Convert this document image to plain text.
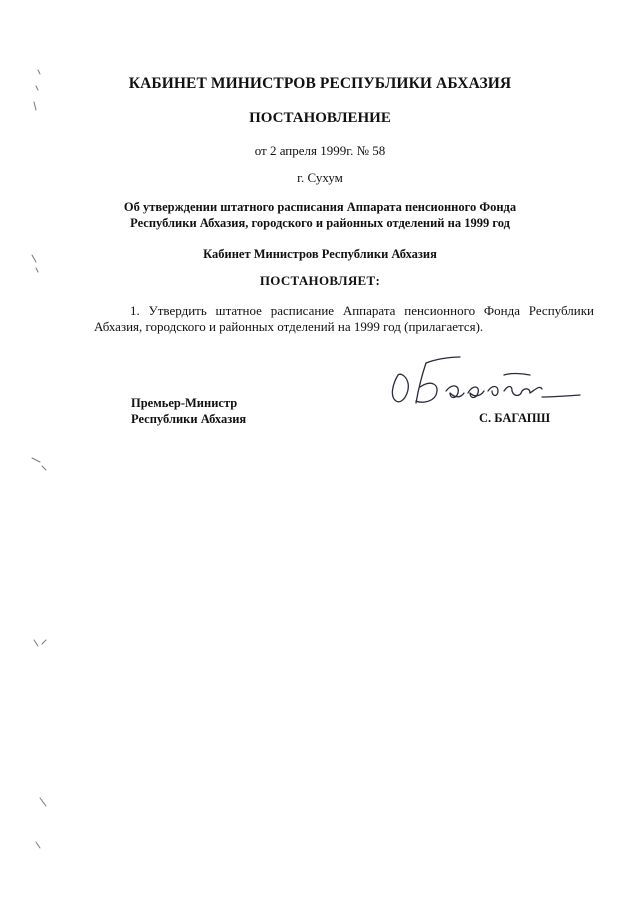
КАБИНЕТ МИНИСТРОВ РЕСПУБЛИКИ АБХАЗИЯ
ПОСТАНОВЛЕНИЕ
от 2 апреля 1999г. № 58
г. Сухум
Об утверждении штатного расписания Аппарата пенсионного Фонда
Республики Абхазия, городского и районных отделений на 1999 год
Кабинет Министров Республики Абхазия
ПОСТАНОВЛЯЕТ:
1. Утвердить штатное расписание Аппарата пенсионного Фонда Республики Абхазия, городского и районных отделений на 1999 год (прилагается).
Премьер-Министр
Республики Абхазия	С. БАГАПШ
